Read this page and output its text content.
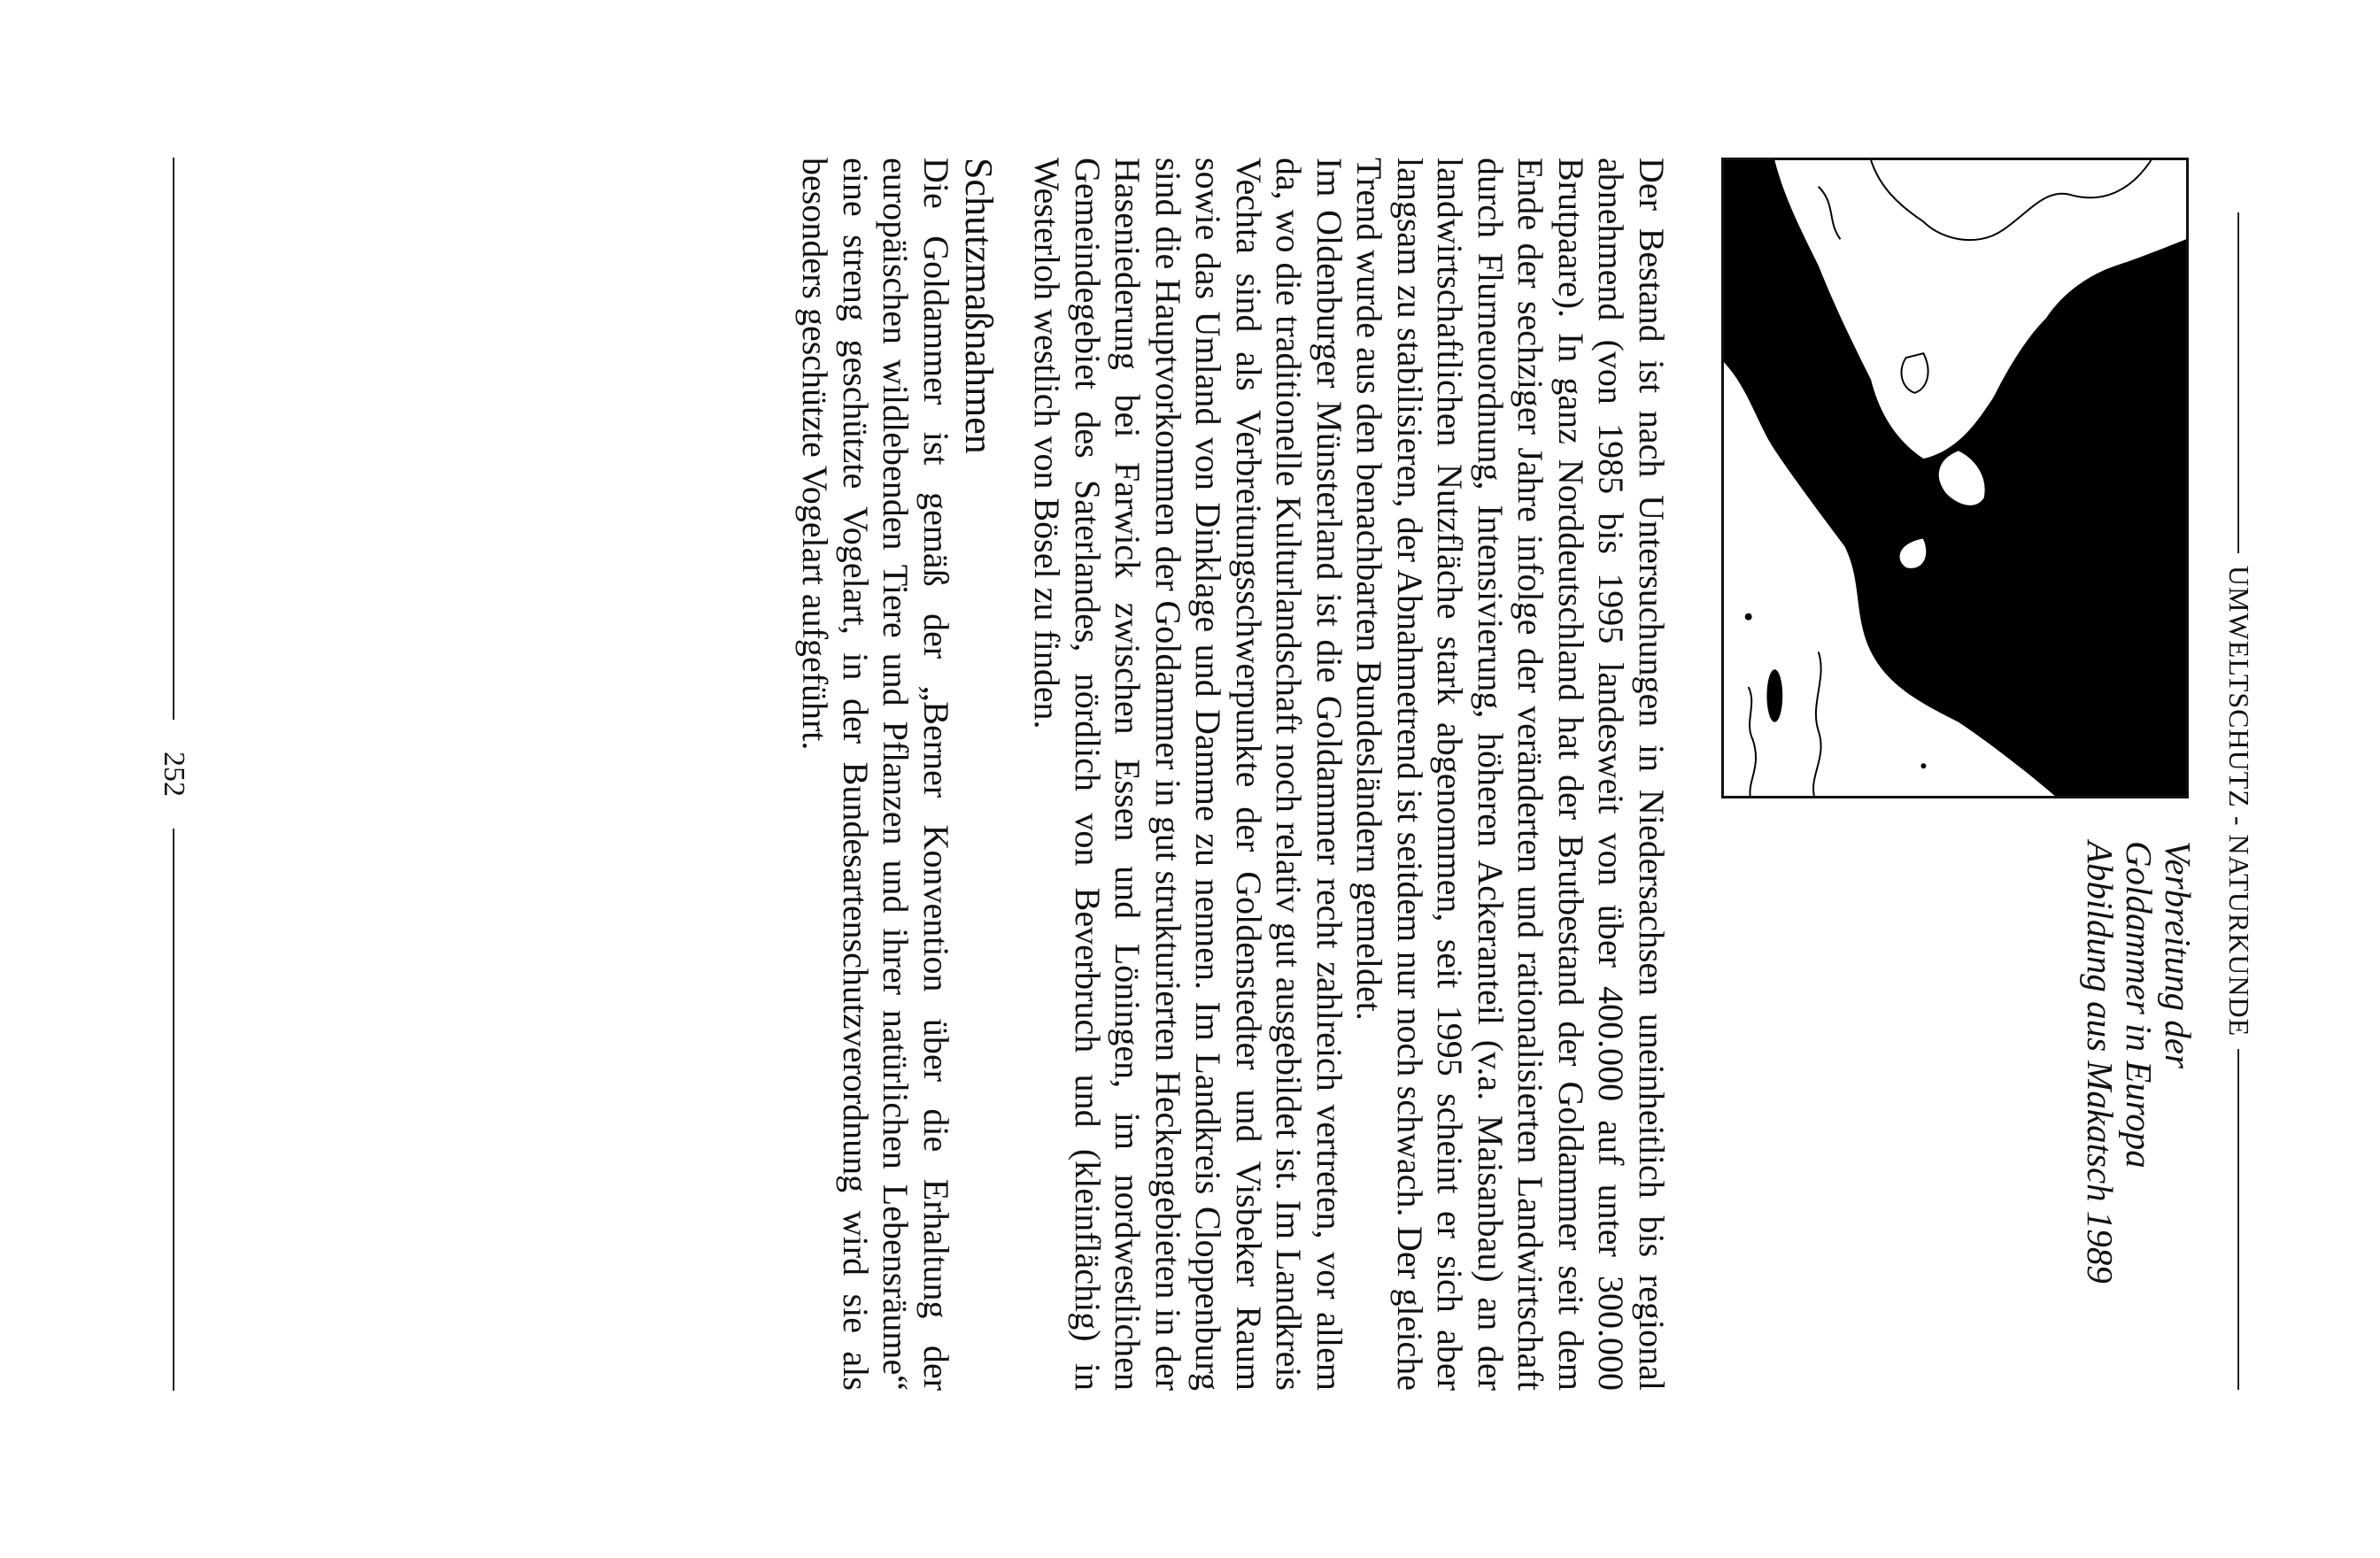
UMWELTSCHUTZ - NATURKUNDE
Verbreitung der
Goldammer in Europa
Abbildung aus Makatsch 1989

Der Bestand ist nach Untersuchungen in Niedersachsen uneinheitlich bis regional abnehmend (von 1985 bis 1995 landesweit von über 400.000 auf unter 300.000 Brutpaare). In ganz Norddeutschland hat der Brutbestand der Goldammer seit dem Ende der sechziger Jahre infolge der veränderten und rationalisierten Landwirtschaft durch Flurneuordnung, Intensivierung, höheren Ackeranteil (v.a. Maisanbau) an der landwirtschaftlichen Nutzfläche stark abgenommen, seit 1995 scheint er sich aber langsam zu stabilisieren, der Abnahmetrend ist seitdem nur noch schwach. Der gleiche Trend wurde aus den benachbarten Bundesländern gemeldet.

Im Oldenburger Münsterland ist die Goldammer recht zahlreich vertreten, vor allem da, wo die traditionelle Kulturlandschaft noch relativ gut ausgebildet ist. Im Landkreis Vechta sind als Verbreitungsschwerpunkte der Goldenstedter und Visbeker Raum sowie das Umland von Dinklage und Damme zu nennen. Im Landkreis Cloppenburg sind die Hauptvorkommen der Goldammer in gut strukturierten Heckengebieten in der Haseniederung bei Farwick zwischen Essen und Löningen, im nordwestlichen Gemeindegebiet des Saterlandes, nördlich von Beverbruch und (kleinflächig) in Westerloh westlich von Bösel zu finden.

Schutzmaßnahmen

Die Goldammer ist gemäß der „Berner Konvention über die Erhaltung der europäischen wildlebenden Tiere und Pflanzen und ihrer natürlichen Lebensräume“ eine streng geschützte Vogelart, in der Bundesartenschutzverordnung wird sie als besonders geschützte Vogelart aufgeführt.

252
